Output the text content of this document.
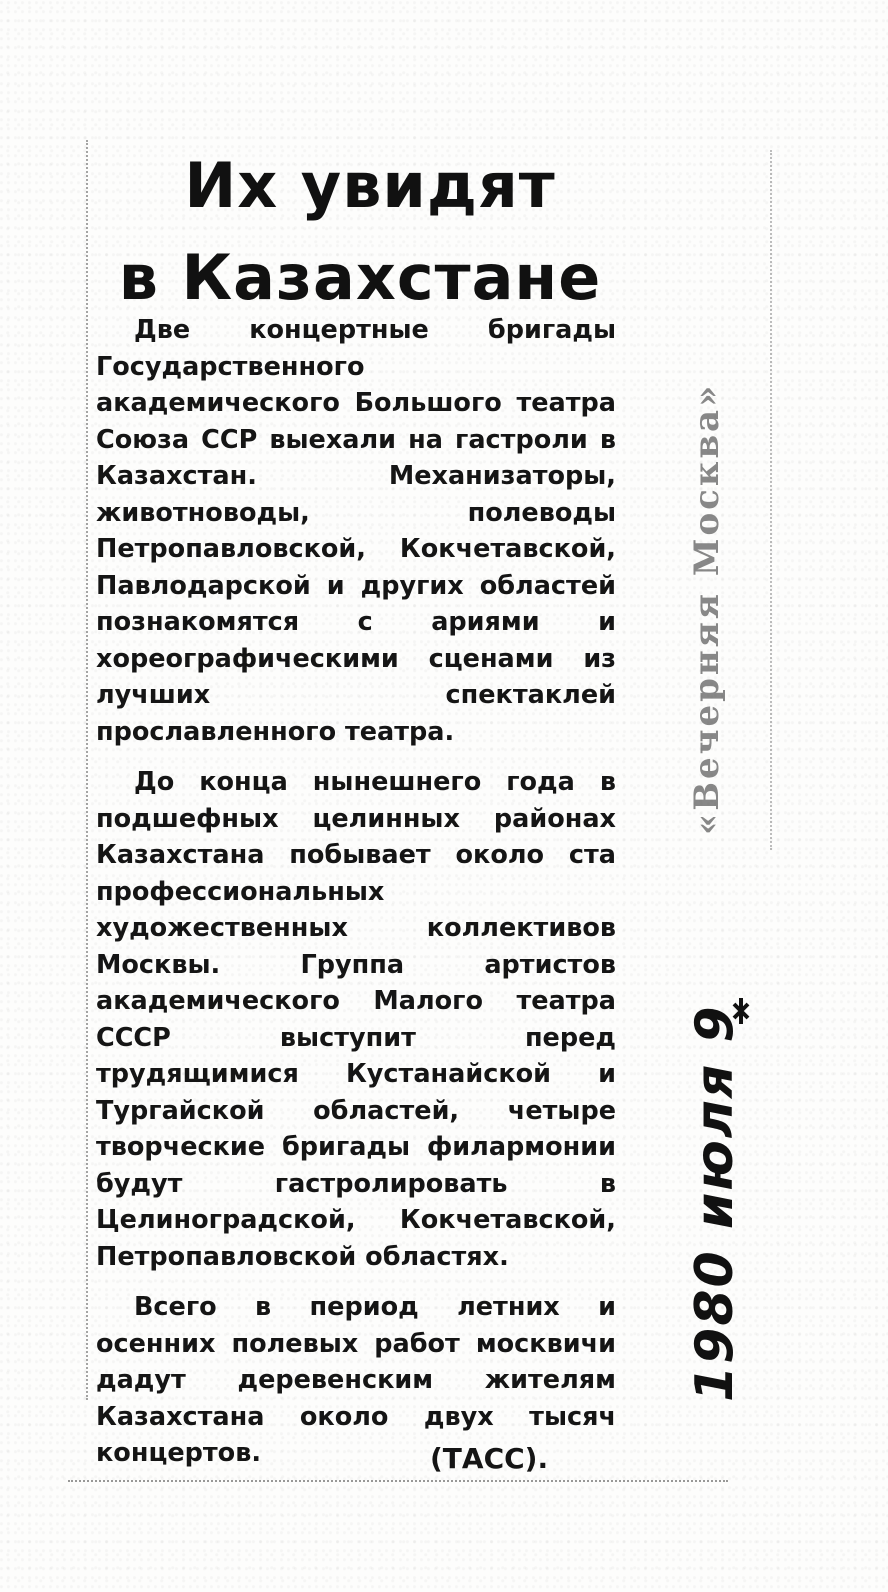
Их увидят
в Казахстане

Две концертные бригады Государственного академического Большого театра Союза ССР выехали на гастроли в Казахстан. Механизаторы, животноводы, полеводы Петропавловской, Кокчетавской, Павлодарской и других областей познакомятся с ариями и хореографическими сценами из лучших спектаклей прославленного театра.

До конца нынешнего года в подшефных целинных районах Казахстана побывает около ста профессиональных художественных коллективов Москвы. Группа артистов академического Малого театра СССР выступит перед трудящимися Кустанайской и Тургайской областей, четыре творческие бригады филармонии будут гастролировать в Целиноградской, Кокчетавской, Петропавловской областях.

Всего в период летних и осенних полевых работ москвичи дадут деревенским жителям Казахстана около двух тысяч концертов.	(ТАСС).

«Вечерняя Москва»
1980 июля 9
